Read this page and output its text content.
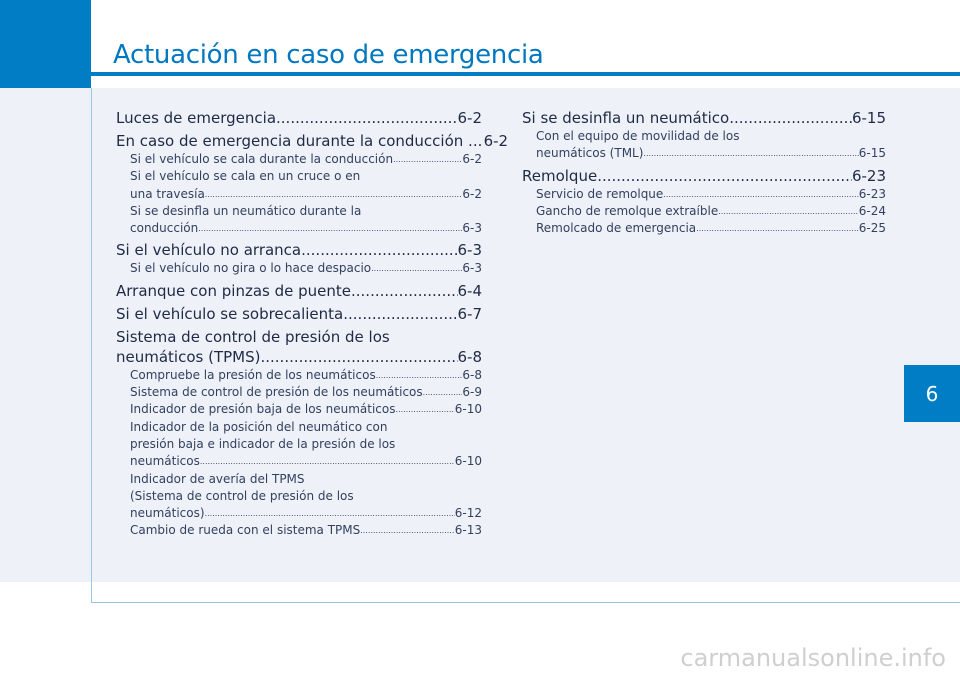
Actuación en caso de emergencia
6
Luces de emergencia .....	6-2
En caso de emergencia durante la conducción .. ..... 6-2
Si el vehículo se cala durante la conducción .....	6-2
Si el vehículo se cala en un cruce o en
una travesía .....	6-2
Si se desinfla un neumático durante la
conducción .....	6-3
Si el vehículo no arranca .....	6-3
Si el vehículo no gira o lo hace despacio .....	6-3
Arranque con pinzas de puente .....	6-4
Si el vehículo se sobrecalienta .....	6-7
Sistema de control de presión de los
neumáticos (TPMS) .....	6-8
Compruebe la presión de los neumáticos .....	6-8
Sistema de control de presión de los neumáticos .....	6-9
Indicador de presión baja de los neumáticos .....	6-10
Indicador de la posición del neumático con
presión baja e indicador de la presión de los
neumáticos .....	6-10
Indicador de avería del TPMS
(Sistema de control de presión de los
neumáticos) .....	6-12
Cambio de rueda con el sistema TPMS .....	6-13
Si se desinfla un neumático .....	6-15
Con el equipo de movilidad de los
neumáticos (TML) .....	6-15
Remolque .....	6-23
Servicio de remolque .....	6-23
Gancho de remolque extraíble .....	6-24
Remolcado de emergencia .....	6-25
carmanualsonline.info
